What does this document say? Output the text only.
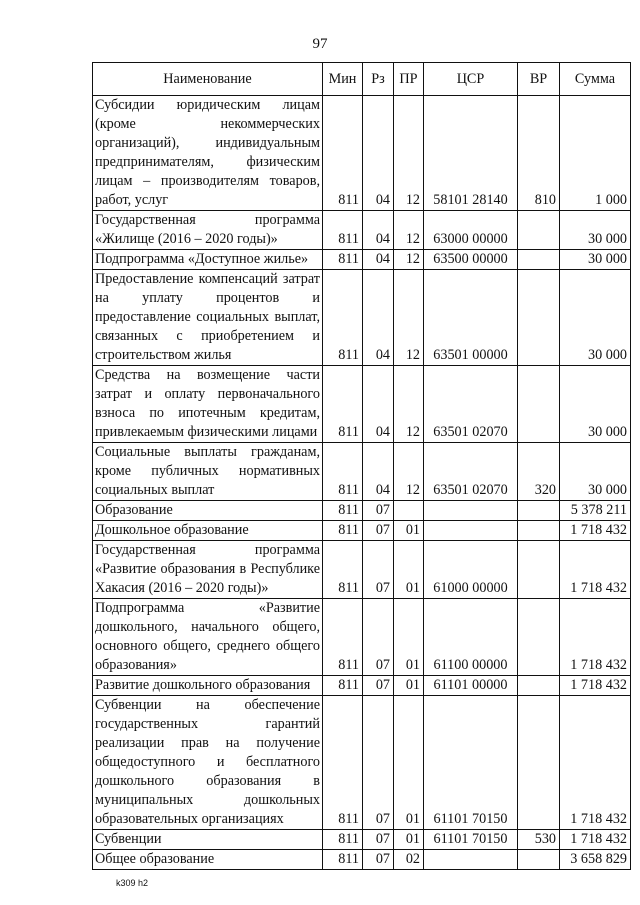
97
Наименование	Мин	Рз	ПР	ЦСР	ВР	Сумма
Субсидии юридическим лицам (кроме некоммерческих организаций), индивидуальным предпринимателям, физическим лицам – производителям товаров, работ, услуг	811	04	12	58101 28140	810	1 000
Государственная программа «Жилище (2016 – 2020 годы)»	811	04	12	63000 00000		30 000
Подпрограмма «Доступное жилье»	811	04	12	63500 00000		30 000
Предоставление компенсаций затрат на уплату процентов и предоставление социальных выплат, связанных с приобретением и строительством жилья	811	04	12	63501 00000		30 000
Средства на возмещение части затрат и оплату первоначального взноса по ипотечным кредитам, привлекаемым физическими лицами	811	04	12	63501 02070		30 000
Социальные выплаты гражданам, кроме публичных нормативных социальных выплат	811	04	12	63501 02070	320	30 000
Образование	811	07				5 378 211
Дошкольное образование	811	07	01			1 718 432
Государственная программа «Развитие образования в Республике Хакасия (2016 – 2020 годы)»	811	07	01	61000 00000		1 718 432
Подпрограмма «Развитие дошкольного, начального общего, основного общего, среднего общего образования»	811	07	01	61100 00000		1 718 432
Развитие дошкольного образования	811	07	01	61101 00000		1 718 432
Субвенции на обеспечение государственных гарантий реализации прав на получение общедоступного и бесплатного дошкольного образования в муниципальных дошкольных образовательных организациях	811	07	01	61101 70150		1 718 432
Субвенции	811	07	01	61101 70150	530	1 718 432
Общее образование	811	07	02			3 658 829
k309 h2
